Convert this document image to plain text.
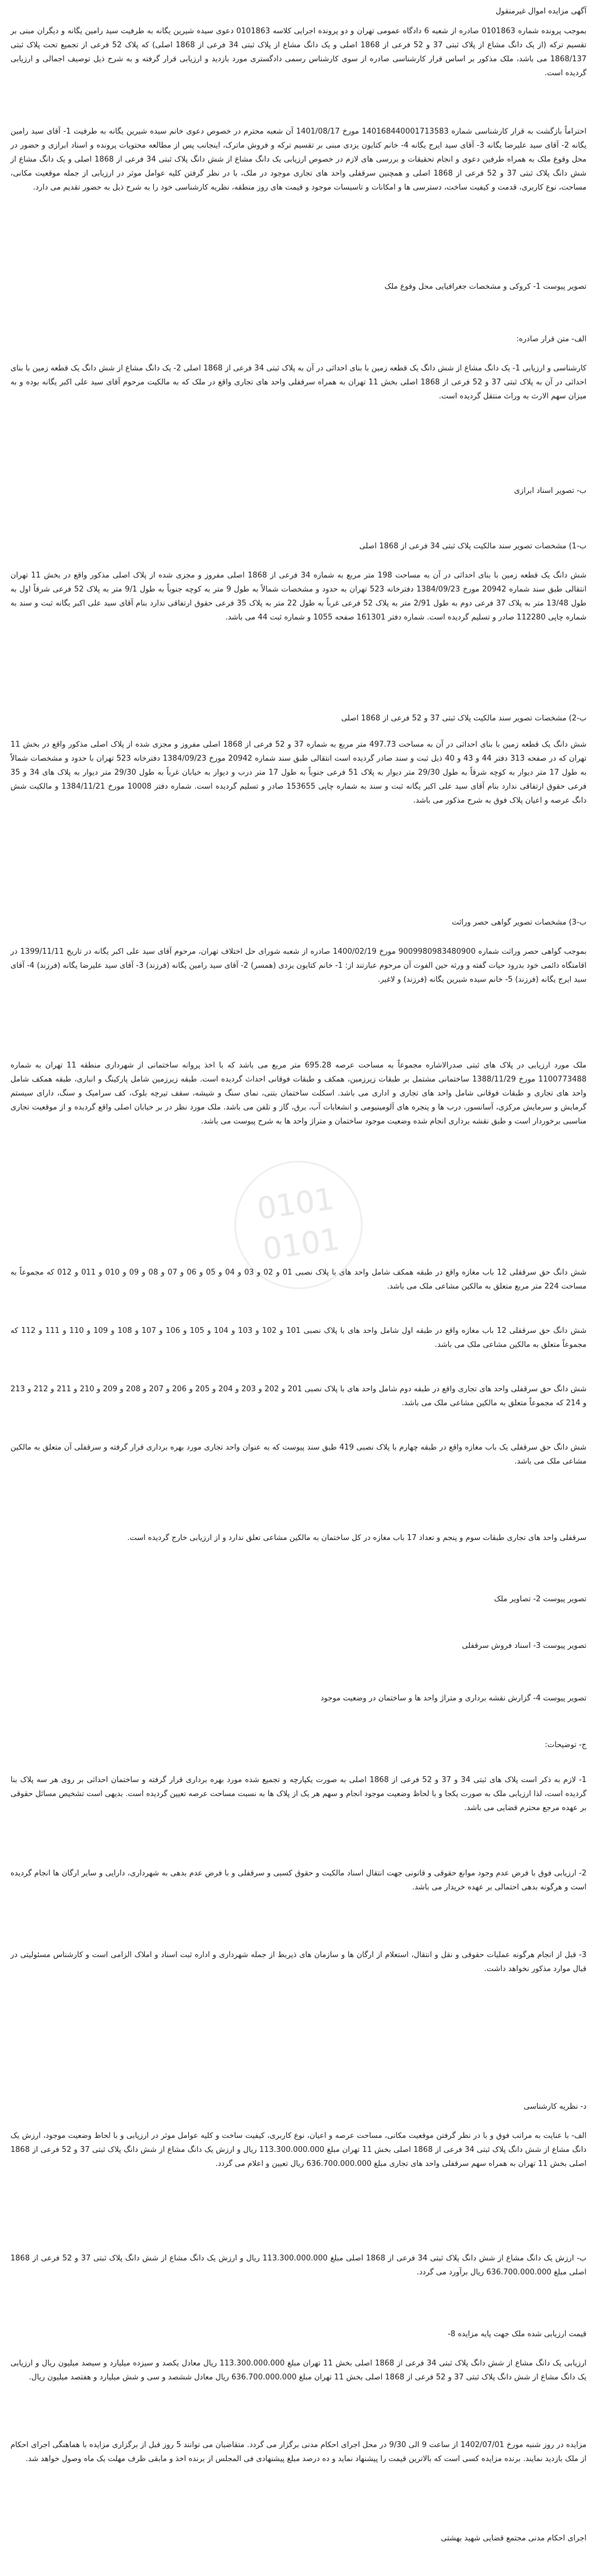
0101
0101
آگهی مزایده اموال غیرمنقول
بموجب پرونده شماره 0101863 صادره از شعبه 6 دادگاه عمومی تهران و دو پرونده اجرایی کلاسه 0101863 دعوی سیده شیرین یگانه به طرفیت سید رامین یگانه و دیگران مبنی بر تقسیم ترکه (از یک دانگ مشاع از پلاک ثبتی 37 و 52 فرعی از 1868 اصلی و یک دانگ مشاع از پلاک ثبتی 34 فرعی از 1868 اصلی) که پلاک 52 فرعی از تجمیع تحت پلاک ثبتی 1868/137 می باشد، ملک مذکور بر اساس قرار کارشناسی صادره از سوی کارشناس رسمی دادگستری مورد بازدید و ارزیابی قرار گرفته و به شرح ذیل توصیف اجمالی و ارزیابی گردیده است.
احتراماً بازگشت به قرار کارشناسی شماره 140168440001713583 مورخ 1401/08/17 آن شعبه محترم در خصوص دعوی خانم سیده شیرین یگانه به طرفیت 1- آقای سید رامین یگانه 2- آقای سید علیرضا یگانه 3- آقای سید ایرج یگانه 4- خانم کتایون یزدی مبنی بر تقسیم ترکه و فروش ماترک، اینجانب پس از مطالعه محتویات پرونده و اسناد ابرازی و حضور در محل وقوع ملک به همراه طرفین دعوی و انجام تحقیقات و بررسی های لازم در خصوص ارزیابی یک دانگ مشاع از شش دانگ پلاک ثبتی 34 فرعی از 1868 اصلی و یک دانگ مشاع از شش دانگ پلاک ثبتی 37 و 52 فرعی از 1868 اصلی و همچنین سرقفلی واحد های تجاری موجود در ملک، با در نظر گرفتن کلیه عوامل موثر در ارزیابی از جمله موقعیت مکانی، مساحت، نوع کاربری، قدمت و کیفیت ساخت، دسترسی ها و امکانات و تاسیسات موجود و قیمت های روز منطقه، نظریه کارشناسی خود را به شرح ذیل به حضور تقدیم می دارد.
تصویر پیوست 1- کروکی و مشخصات جغرافیایی محل وقوع ملک
الف- متن قرار صادره:
کارشناسی و ارزیابی 1- یک دانگ مشاع از شش دانگ یک قطعه زمین با بنای احداثی در آن به پلاک ثبتی 34 فرعی از 1868 اصلی 2- یک دانگ مشاع از شش دانگ یک قطعه زمین با بنای احداثی در آن به پلاک ثبتی 37 و 52 فرعی از 1868 اصلی بخش 11 تهران به همراه سرقفلی واحد های تجاری واقع در ملک که به مالکیت مرحوم آقای سید علی اکبر یگانه بوده و به میزان سهم الارث به وراث منتقل گردیده است.
ب- تصویر اسناد ابرازی
ب-1) مشخصات تصویر سند مالکیت پلاک ثبتی 34 فرعی از 1868 اصلی
شش دانگ یک قطعه زمین با بنای احداثی در آن به مساحت 198 متر مربع به شماره 34 فرعی از 1868 اصلی مفروز و مجزی شده از پلاک اصلی مذکور واقع در بخش 11 تهران انتقالی طبق سند شماره 20942 مورخ 1384/09/23 دفترخانه 523 تهران به حدود و مشخصات شمالاً به طول 9 متر به کوچه جنوباً به طول 9/1 متر به پلاک 52 فرعی شرقاً اول به طول 13/48 متر به پلاک 37 فرعی دوم به طول 2/91 متر به پلاک 52 فرعی غرباً به طول 22 متر به پلاک 35 فرعی حقوق ارتفاقی ندارد بنام آقای سید علی اکبر یگانه ثبت و سند به شماره چاپی 112280 صادر و تسلیم گردیده است. شماره دفتر 161301 صفحه 1055 و شماره ثبت 44 می باشد.
ب-2) مشخصات تصویر سند مالکیت پلاک ثبتی 37 و 52 فرعی از 1868 اصلی
شش دانگ یک قطعه زمین با بنای احداثی در آن به مساحت 497.73 متر مربع به شماره 37 و 52 فرعی از 1868 اصلی مفروز و مجزی شده از پلاک اصلی مذکور واقع در بخش 11 تهران که در صفحه 313 دفتر 44 و 43 و 40 ذیل ثبت و سند صادر گردیده است انتقالی طبق سند شماره 20942 مورخ 1384/09/23 دفترخانه 523 تهران با حدود و مشخصات شمالاً به طول 17 متر دیوار به کوچه شرقاً به طول 29/30 متر دیوار به پلاک 51 فرعی جنوباً به طول 17 متر درب و دیوار به خیابان غرباً به طول 29/30 متر دیوار به پلاک های 34 و 35 فرعی حقوق ارتفاقی ندارد بنام آقای سید علی اکبر یگانه ثبت و سند به شماره چاپی 153655 صادر و تسلیم گردیده است. شماره دفتر 10008 مورخ 1384/11/21 و مالکیت شش دانگ عرصه و اعیان پلاک فوق به شرح مذکور می باشد.
ب-3) مشخصات تصویر گواهی حصر وراثت
بموجب گواهی حصر وراثت شماره 9009980983480900 مورخ 1400/02/19 صادره از شعبه شورای حل اختلاف تهران، مرحوم آقای سید علی اکبر یگانه در تاریخ 1399/11/11 در اقامتگاه دائمی خود بدرود حیات گفته و ورثه حین الفوت آن مرحوم عبارتند از: 1- خانم کتایون یزدی (همسر) 2- آقای سید رامین یگانه (فرزند) 3- آقای سید علیرضا یگانه (فرزند) 4- آقای سید ایرج یگانه (فرزند) 5- خانم سیده شیرین یگانه (فرزند) و لاغیر.
ملک مورد ارزیابی در پلاک های ثبتی صدرالاشاره مجموعاً به مساحت عرصه 695.28 متر مربع می باشد که با اخذ پروانه ساختمانی از شهرداری منطقه 11 تهران به شماره 1100773488 مورخ 1388/11/29 ساختمانی مشتمل بر طبقات زیرزمین، همکف و طبقات فوقانی احداث گردیده است. طبقه زیرزمین شامل پارکینگ و انباری، طبقه همکف شامل واحد های تجاری و طبقات فوقانی شامل واحد های تجاری و اداری می باشد. اسکلت ساختمان بتنی، نمای سنگ و شیشه، سقف تیرچه بلوک، کف سرامیک و سنگ، دارای سیستم گرمایش و سرمایش مرکزی، آسانسور، درب ها و پنجره های آلومینیومی و انشعابات آب، برق، گاز و تلفن می باشد. ملک مورد نظر در بر خیابان اصلی واقع گردیده و از موقعیت تجاری مناسبی برخوردار است و طبق نقشه برداری انجام شده وضعیت موجود ساختمان و متراژ واحد ها به شرح پیوست می باشد.
شش دانگ حق سرقفلی 12 باب مغازه واقع در طبقه همکف شامل واحد های با پلاک نصبی 01 و 02 و 03 و 04 و 05 و 06 و 07 و 08 و 09 و 010 و 011 و 012 که مجموعاً به مساحت 224 متر مربع متعلق به مالکین مشاعی ملک می باشد.
شش دانگ حق سرقفلی 12 باب مغازه واقع در طبقه اول شامل واحد های با پلاک نصبی 101 و 102 و 103 و 104 و 105 و 106 و 107 و 108 و 109 و 110 و 111 و 112 که مجموعاً متعلق به مالکین مشاعی ملک می باشد.
شش دانگ حق سرقفلی واحد های تجاری واقع در طبقه دوم شامل واحد های با پلاک نصبی 201 و 202 و 203 و 204 و 205 و 206 و 207 و 208 و 209 و 210 و 211 و 212 و 213 و 214 که مجموعاً متعلق به مالکین مشاعی ملک می باشد.
شش دانگ حق سرقفلی یک باب مغازه واقع در طبقه چهارم با پلاک نصبی 419 طبق سند پیوست که به عنوان واحد تجاری مورد بهره برداری قرار گرفته و سرقفلی آن متعلق به مالکین مشاعی ملک می باشد.
سرقفلی واحد های تجاری طبقات سوم و پنجم و تعداد 17 باب مغازه در کل ساختمان به مالکین مشاعی تعلق ندارد و از ارزیابی خارج گردیده است.
تصویر پیوست 2- تصاویر ملک
تصویر پیوست 3- اسناد فروش سرقفلی
تصویر پیوست 4- گزارش نقشه برداری و متراژ واحد ها و ساختمان در وضعیت موجود
ج- توضیحات:
1- لازم به ذکر است پلاک های ثبتی 34 و 37 و 52 فرعی از 1868 اصلی به صورت یکپارچه و تجمیع شده مورد بهره برداری قرار گرفته و ساختمان احداثی بر روی هر سه پلاک بنا گردیده است، لذا ارزیابی ملک به صورت یکجا و با لحاظ وضعیت موجود انجام و سهم هر یک از پلاک ها به نسبت مساحت عرصه تعیین گردیده است. بدیهی است تشخیص مسائل حقوقی بر عهده مرجع محترم قضایی می باشد.
2- ارزیابی فوق با فرض عدم وجود موانع حقوقی و قانونی جهت انتقال اسناد مالکیت و حقوق کسبی و سرقفلی و با فرض عدم بدهی به شهرداری، دارایی و سایر ارگان ها انجام گردیده است و هرگونه بدهی احتمالی بر عهده خریدار می باشد.
3- قبل از انجام هرگونه عملیات حقوقی و نقل و انتقال، استعلام از ارگان ها و سازمان های ذیربط از جمله شهرداری و اداره ثبت اسناد و املاک الزامی است و کارشناس مسئولیتی در قبال موارد مذکور نخواهد داشت.
د- نظریه کارشناسی
الف- با عنایت به مراتب فوق و با در نظر گرفتن موقعیت مکانی، مساحت عرصه و اعیان، نوع کاربری، کیفیت ساخت و کلیه عوامل موثر در ارزیابی و با لحاظ وضعیت موجود، ارزش یک دانگ مشاع از شش دانگ پلاک ثبتی 34 فرعی از 1868 اصلی بخش 11 تهران مبلغ 113.300.000.000 ریال و ارزش یک دانگ مشاع از شش دانگ پلاک ثبتی 37 و 52 فرعی از 1868 اصلی بخش 11 تهران به همراه سهم سرقفلی واحد های تجاری مبلغ 636.700.000.000 ریال تعیین و اعلام می گردد.
ب- ارزش یک دانگ مشاع از شش دانگ پلاک ثبتی 34 فرعی از 1868 اصلی مبلغ 113.300.000.000 ریال و ارزش یک دانگ مشاع از شش دانگ پلاک ثبتی 37 و 52 فرعی از 1868 اصلی مبلغ 636.700.000.000 ریال برآورد می گردد.
قیمت ارزیابی شده ملک جهت پایه مزایده 8-
ارزیابی یک دانگ مشاع از شش دانگ پلاک ثبتی 34 فرعی از 1868 اصلی بخش 11 تهران مبلغ 113.300.000.000 ریال معادل یکصد و سیزده میلیارد و سیصد میلیون ریال و ارزیابی یک دانگ مشاع از شش دانگ پلاک ثبتی 37 و 52 فرعی از 1868 اصلی بخش 11 تهران مبلغ 636.700.000.000 ریال معادل ششصد و سی و شش میلیارد و هفتصد میلیون ریال.
مزایده در روز شنبه مورخ 1402/07/01 از ساعت 9 الی 9/30 در محل اجرای احکام مدنی برگزار می گردد. متقاضیان می توانند 5 روز قبل از برگزاری مزایده با هماهنگی اجرای احکام از ملک بازدید نمایند. برنده مزایده کسی است که بالاترین قیمت را پیشنهاد نماید و ده درصد مبلغ پیشنهادی فی المجلس از برنده اخذ و مابقی ظرف مهلت یک ماه وصول خواهد شد.
اجرای احکام مدنی مجتمع قضایی شهید بهشتی
